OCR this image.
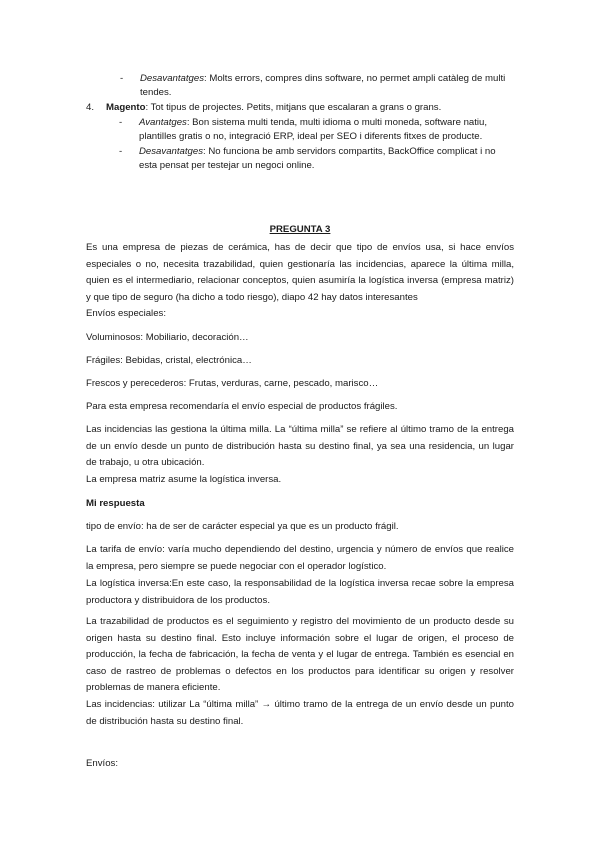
- Desavantatges: Molts errors, compres dins software, no permet ampli catàleg de multi tendes.
4. Magento: Tot tipus de projectes. Petits, mitjans que escalaran a grans o grans.
- Avantatges: Bon sistema multi tenda, multi idioma o multi moneda, software natiu, plantilles gratis o no, integració ERP, ideal per SEO i diferents fitxes de producte.
- Desavantatges: No funciona be amb servidors compartits, BackOffice complicat i no esta pensat per testejar un negoci online.
PREGUNTA 3

Es una empresa de piezas de cerámica, has de decir que tipo de envíos usa, si hace envíos especiales o no, necesita trazabilidad, quien gestionaría las incidencias, aparece la última milla, quien es el intermediario, relacionar conceptos, quien asumiría la logística inversa (empresa matriz) y que tipo de seguro (ha dicho a todo riesgo), diapo 42 hay datos interesantes

Envíos especiales:

Voluminosos: Mobiliario, decoración…

Frágiles: Bebidas, cristal, electrónica…

Frescos y perecederos: Frutas, verduras, carne, pescado, marisco…

Para esta empresa recomendaría el envío especial de productos frágiles.

Las incidencias las gestiona la última milla. La “última milla” se refiere al último tramo de la entrega de un envío desde un punto de distribución hasta su destino final, ya sea una residencia, un lugar de trabajo, u otra ubicación.

La empresa matriz asume la logística inversa.

Mi respuesta

tipo de envío: ha de ser de carácter especial ya que es un producto frágil.

La tarifa de envío: varía mucho dependiendo del destino, urgencia y número de envíos que realice la empresa, pero siempre se puede negociar con el operador logístico.

La logística inversa:En este caso, la responsabilidad de la logística inversa recae sobre la empresa productora y distribuidora de los productos.

La trazabilidad de productos es el seguimiento y registro del movimiento de un producto desde su origen hasta su destino final. Esto incluye información sobre el lugar de origen, el proceso de producción, la fecha de fabricación, la fecha de venta y el lugar de entrega. También es esencial en caso de rastreo de problemas o defectos en los productos para identificar su origen y resolver problemas de manera eficiente.

Las incidencias: utilizar La “última milla” → último tramo de la entrega de un envío desde un punto de distribución hasta su destino final.

Envíos:
